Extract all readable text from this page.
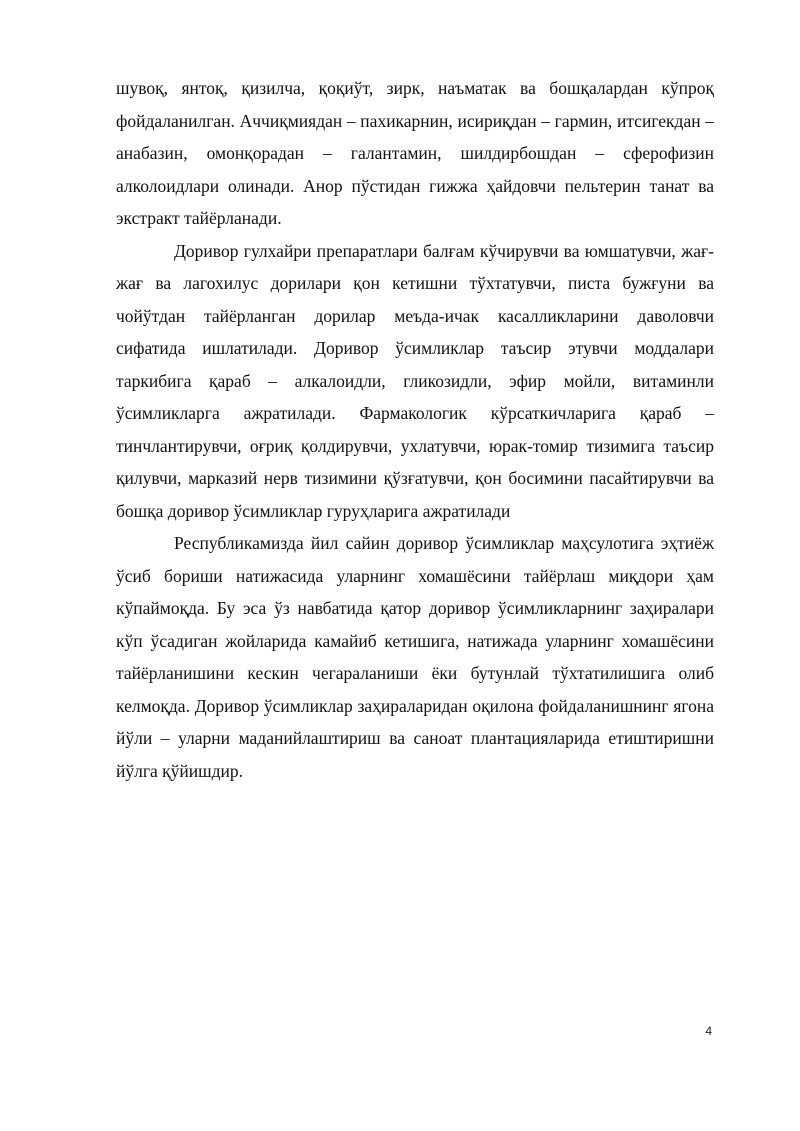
шувоқ, янтоқ, қизилча, қоқиўт, зирк, наъматак ва бошқалардан кўпроқ фойдаланилган. Аччиқмиядан – пахикарнин, исириқдан – гармин, итсигекдан – анабазин, омонқорадан – галантамин, шилдирбошдан – сферофизин алколоидлари олинади. Анор пўстидан гижжа ҳайдовчи пельтерин танат ва экстракт тайёрланади.

Доривор гулхайри препаратлари балғам кўчирувчи ва юмшатувчи, жағ-жағ ва лагохилус дорилари қон кетишни тўхтатувчи, писта бужғуни ва чойўтдан тайёрланган дорилар меъда-ичак касалликларини даволовчи сифатида ишлатилади. Доривор ўсимликлар таъсир этувчи моддалари таркибига қараб – алкалоидли, гликозидли, эфир мойли, витаминли ўсимликларга ажратилади. Фармакологик кўрсаткичларига қараб – тинчлантирувчи, оғриқ қолдирувчи, ухлатувчи, юрак-томир тизимига таъсир қилувчи, марказий нерв тизимини қўзғатувчи, қон босимини пасайтирувчи ва бошқа доривор ўсимликлар гуруҳларига ажратилади

Республикамизда йил сайин доривор ўсимликлар маҳсулотига эҳтиёж ўсиб бориши натижасида уларнинг хомашёсини тайёрлаш миқдори ҳам кўпаймоқда. Бу эса ўз навбатида қатор доривор ўсимликларнинг заҳиралари кўп ўсадиган жойларида камайиб кетишига, натижада уларнинг хомашёсини тайёрланишини кескин чегараланиши ёки бутунлай тўхтатилишига олиб келмоқда. Доривор ўсимликлар заҳираларидан оқилона фойдаланишнинг ягона йўли – уларни маданийлаштириш ва саноат плантацияларида етиштиришни йўлга қўйишдир.

4
